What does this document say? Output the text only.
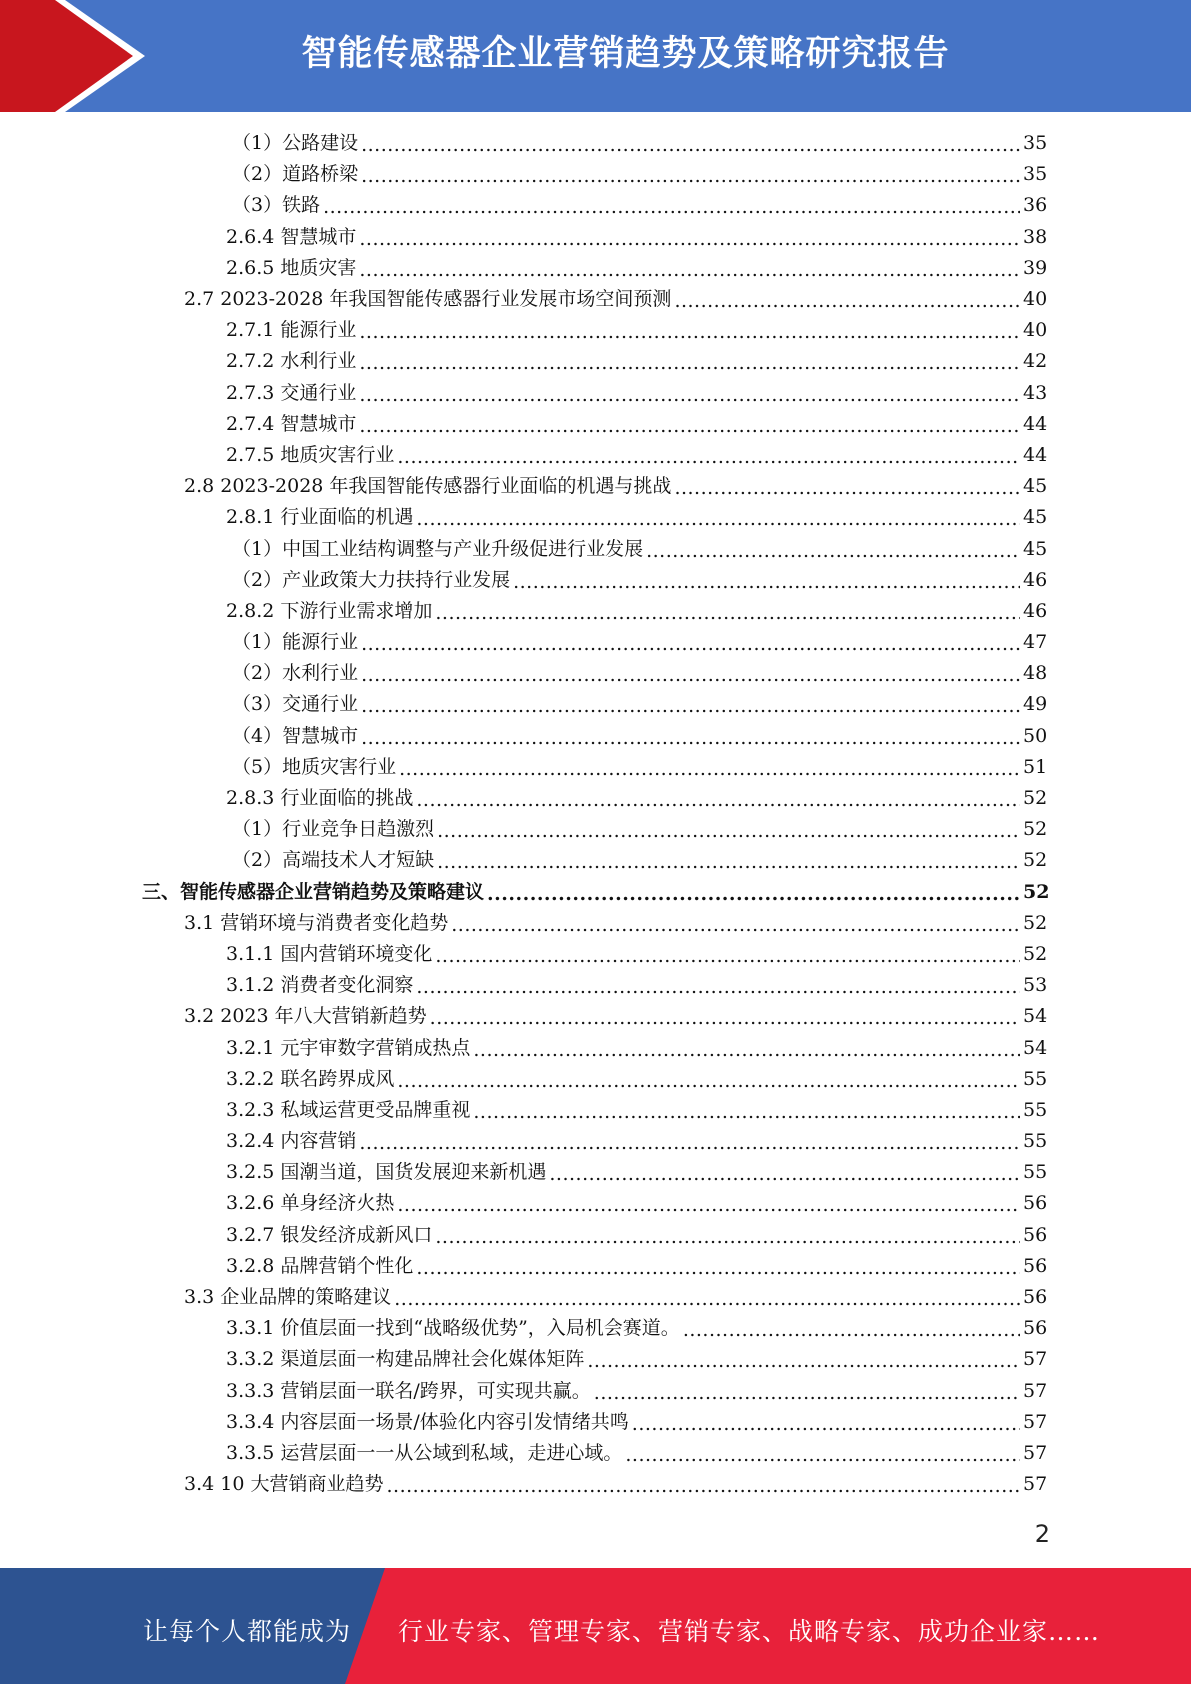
智能传感器企业营销趋势及策略研究报告
（1）公路建设 .....	35
（2）道路桥梁 .....	35
（3）铁路 .....	36
2.6.4 智慧城市 .....	38
2.6.5 地质灾害 .....	39
2.7 2023-2028 年我国智能传感器行业发展市场空间预测 .....	40
2.7.1 能源行业 .....	40
2.7.2 水利行业 .....	42
2.7.3 交通行业 .....	43
2.7.4 智慧城市 .....	44
2.7.5 地质灾害行业 .....	44
2.8 2023-2028 年我国智能传感器行业面临的机遇与挑战 .....	45
2.8.1 行业面临的机遇 .....	45
（1）中国工业结构调整与产业升级促进行业发展 .....	45
（2）产业政策大力扶持行业发展 .....	46
2.8.2 下游行业需求增加 .....	46
（1）能源行业 .....	47
（2）水利行业 .....	48
（3）交通行业 .....	49
（4）智慧城市 .....	50
（5）地质灾害行业 .....	51
2.8.3 行业面临的挑战 .....	52
（1）行业竞争日趋激烈 .....	52
（2）高端技术人才短缺 .....	52
三、智能传感器企业营销趋势及策略建议 .....	52
3.1 营销环境与消费者变化趋势 .....	52
3.1.1 国内营销环境变化 .....	52
3.1.2 消费者变化洞察 .....	53
3.2 2023 年八大营销新趋势 .....	54
3.2.1 元宇审数字营销成热点 .....	54
3.2.2 联名跨界成风 .....	55
3.2.3 私域运营更受品牌重视 .....	55
3.2.4 内容营销 .....	55
3.2.5 国潮当道，国货发展迎来新机遇 .....	55
3.2.6 单身经济火热 .....	56
3.2.7 银发经济成新风口 .....	56
3.2.8 品牌营销个性化 .....	56
3.3 企业品牌的策略建议 .....	56
3.3.1 价值层面一找到“战略级优势”，入局机会赛道。 .....	56
3.3.2 渠道层面一构建品牌社会化媒体矩阵 .....	57
3.3.3 营销层面一联名/跨界，可实现共赢。 .....	57
3.3.4 内容层面一场景/体验化内容引发情绪共鸣 .....	57
3.3.5 运营层面一一从公域到私域，走进心域。 .....	57
3.4 10 大营销商业趋势 .....	57
2
让每个人都能成为 行业专家、管理专家、营销专家、战略专家、成功企业家……
